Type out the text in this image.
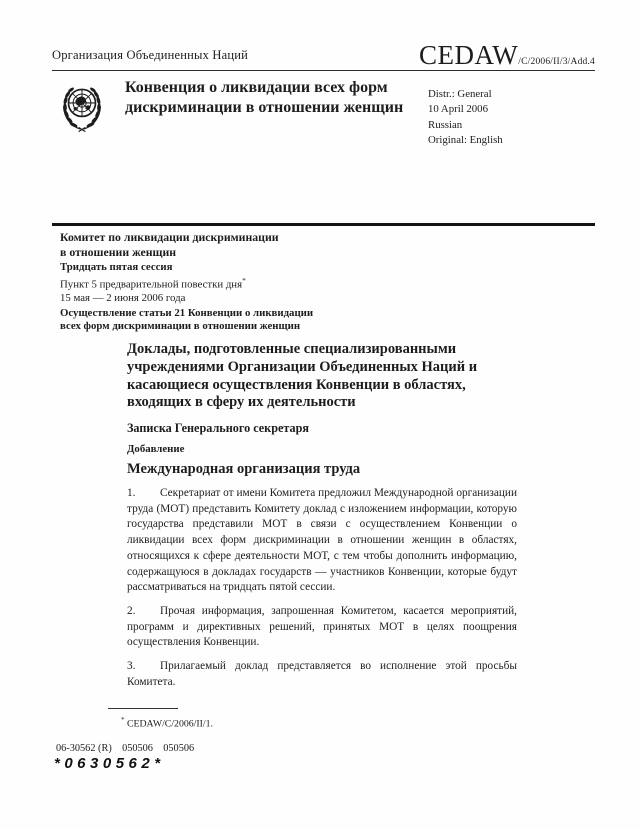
Организация Объединенных Наций	CEDAW/C/2006/II/3/Add.4
Конвенция о ликвидации всех форм дискриминации в отношении женщин
Distr.: General
10 April 2006
Russian
Original: English
Комитет по ликвидации дискриминации
в отношении женщин
Тридцать пятая сессия
Пункт 5 предварительной повестки дня*
15 мая — 2 июня 2006 года
Осуществление статьи 21 Конвенции о ликвидации
всех форм дискриминации в отношении женщин
Доклады, подготовленные специализированными учреждениями Организации Объединенных Наций и касающиеся осуществления Конвенции в областях, входящих в сферу их деятельности
Записка Генерального секретаря
Добавление
Международная организация труда

1. Секретариат от имени Комитета предложил Международной организации труда (МОТ) представить Комитету доклад с изложением информации, которую государства представили МОТ в связи с осуществлением Конвенции о ликвидации всех форм дискриминации в отношении женщин в областях, относящихся к сфере деятельности МОТ, с тем чтобы дополнить информацию, содержащуюся в докладах государств — участников Конвенции, которые будут рассматриваться на тридцать пятой сессии.

2. Прочая информация, запрошенная Комитетом, касается мероприятий, программ и директивных решений, принятых МОТ в целях поощрения осуществления Конвенции.

3. Прилагаемый доклад представляется во исполнение этой просьбы Комитета.

* CEDAW/C/2006/II/1.
06-30562 (R)    050506    050506
*0630562*
